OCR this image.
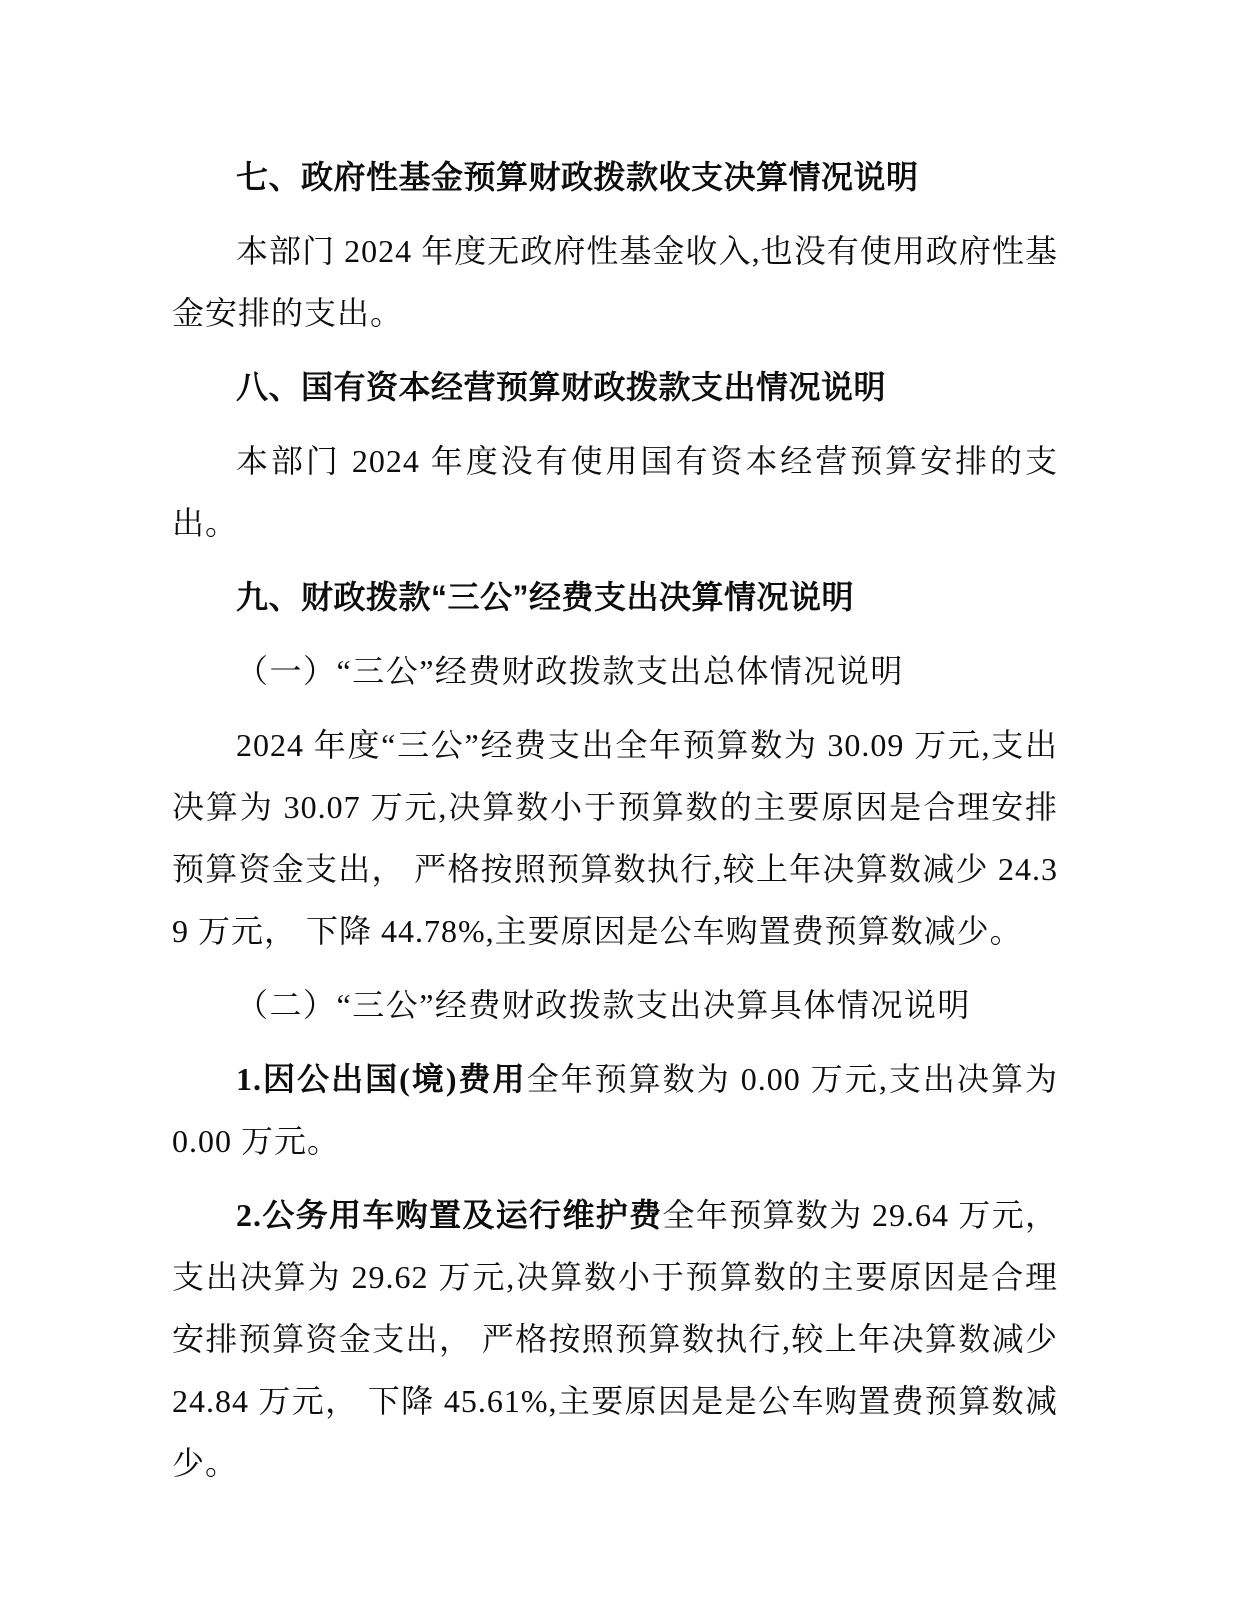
七、政府性基金预算财政拨款收支决算情况说明
本部门 2024 年度无政府性基金收入,也没有使用政府性基金安排的支出。
八、国有资本经营预算财政拨款支出情况说明
本部门 2024 年度没有使用国有资本经营预算安排的支出。
九、财政拨款“三公”经费支出决算情况说明
（一）“三公”经费财政拨款支出总体情况说明
2024 年度“三公”经费支出全年预算数为 30.09 万元,支出决算为 30.07 万元,决算数小于预算数的主要原因是合理安排预算资金支出， 严格按照预算数执行,较上年决算数减少 24.39 万元， 下降 44.78%,主要原因是公车购置费预算数减少。
（二）“三公”经费财政拨款支出决算具体情况说明
1.因公出国(境)费用全年预算数为 0.00 万元,支出决算为 0.00 万元。
2.公务用车购置及运行维护费全年预算数为 29.64 万元，支出决算为 29.62 万元,决算数小于预算数的主要原因是合理安排预算资金支出， 严格按照预算数执行,较上年决算数减少 24.84 万元， 下降 45.61%,主要原因是是公车购置费预算数减少。
